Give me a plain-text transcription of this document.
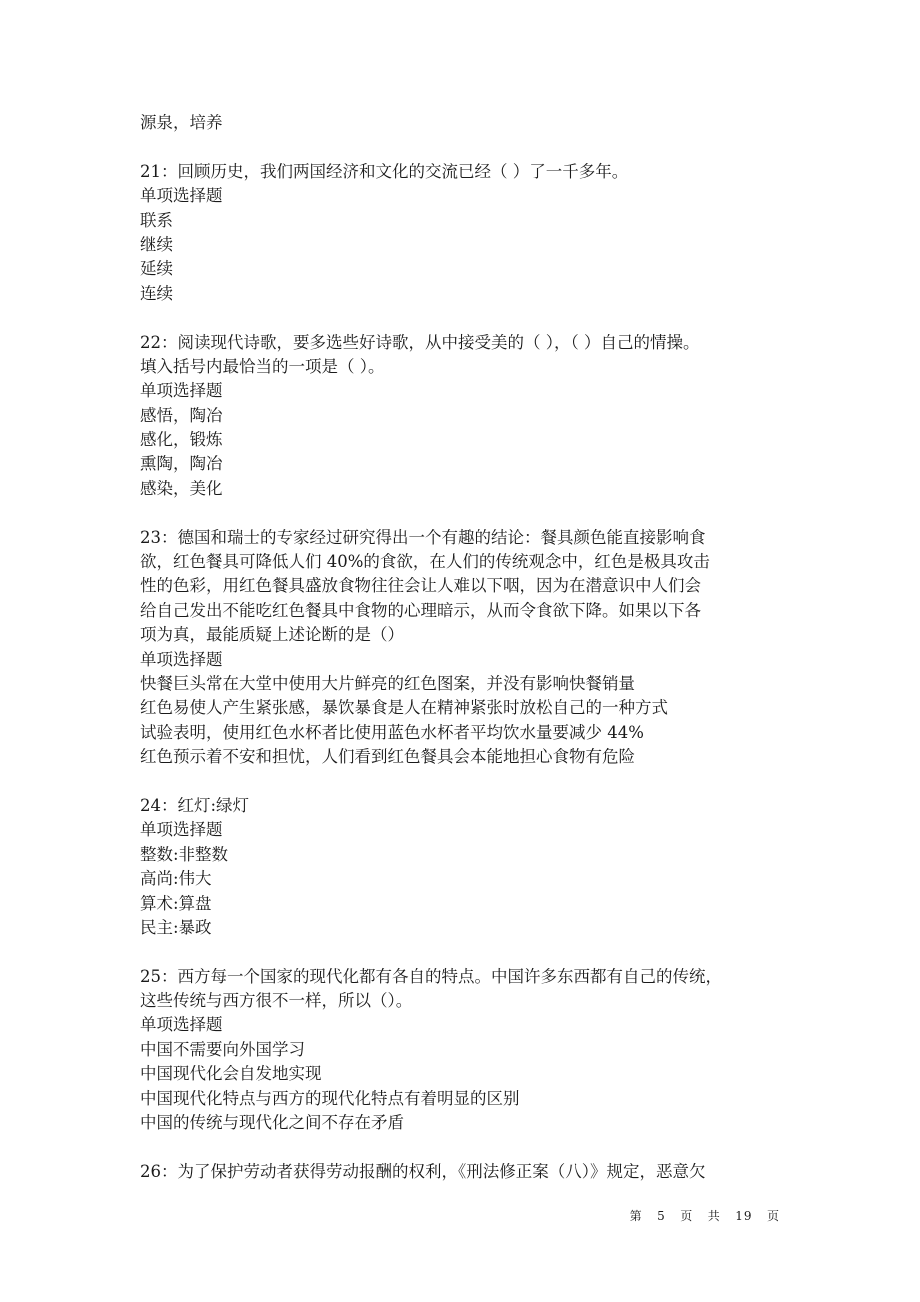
源泉，培养
21：回顾历史，我们两国经济和文化的交流已经（ ）了一千多年。
单项选择题
联系
继续
延续
连续
22：阅读现代诗歌，要多选些好诗歌，从中接受美的（ ），（ ）自己的情操。
填入括号内最恰当的一项是（ ）。
单项选择题
感悟，陶冶
感化，锻炼
熏陶，陶冶
感染，美化
23：德国和瑞士的专家经过研究得出一个有趣的结论：餐具颜色能直接影响食
欲，红色餐具可降低人们 40%的食欲，在人们的传统观念中，红色是极具攻击
性的色彩，用红色餐具盛放食物往往会让人难以下咽，因为在潜意识中人们会
给自己发出不能吃红色餐具中食物的心理暗示，从而令食欲下降。如果以下各
项为真，最能质疑上述论断的是（）
单项选择题
快餐巨头常在大堂中使用大片鲜亮的红色图案，并没有影响快餐销量
红色易使人产生紧张感，暴饮暴食是人在精神紧张时放松自己的一种方式
试验表明，使用红色水杯者比使用蓝色水杯者平均饮水量要减少 44%
红色预示着不安和担忧，人们看到红色餐具会本能地担心食物有危险
24：红灯:绿灯
单项选择题
整数:非整数
高尚:伟大
算术:算盘
民主:暴政
25：西方每一个国家的现代化都有各自的特点。中国许多东西都有自己的传统，
这些传统与西方很不一样，所以（）。
单项选择题
中国不需要向外国学习
中国现代化会自发地实现
中国现代化特点与西方的现代化特点有着明显的区别
中国的传统与现代化之间不存在矛盾
26：为了保护劳动者获得劳动报酬的权利，《刑法修正案（八）》规定，恶意欠
第 5 页 共 19 页
